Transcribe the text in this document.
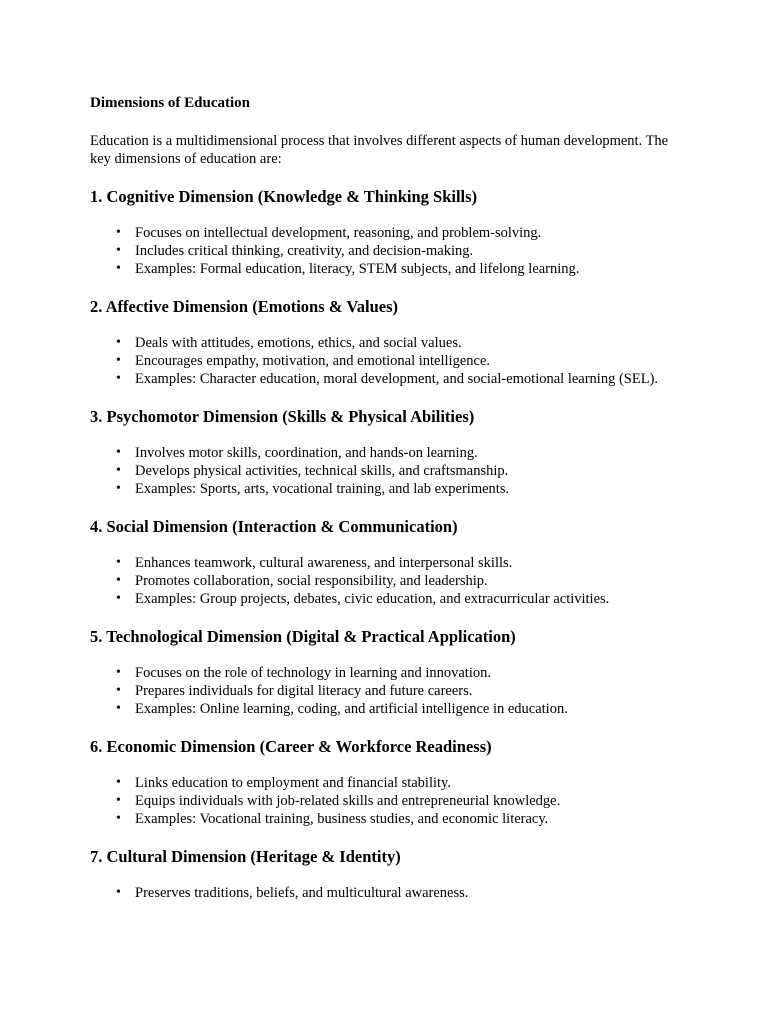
Dimensions of Education

Education is a multidimensional process that involves different aspects of human development. The key dimensions of education are:

1. Cognitive Dimension (Knowledge & Thinking Skills)
• Focuses on intellectual development, reasoning, and problem-solving.
• Includes critical thinking, creativity, and decision-making.
• Examples: Formal education, literacy, STEM subjects, and lifelong learning.
2. Affective Dimension (Emotions & Values)
• Deals with attitudes, emotions, ethics, and social values.
• Encourages empathy, motivation, and emotional intelligence.
• Examples: Character education, moral development, and social-emotional learning (SEL).
3. Psychomotor Dimension (Skills & Physical Abilities)
• Involves motor skills, coordination, and hands-on learning.
• Develops physical activities, technical skills, and craftsmanship.
• Examples: Sports, arts, vocational training, and lab experiments.
4. Social Dimension (Interaction & Communication)
• Enhances teamwork, cultural awareness, and interpersonal skills.
• Promotes collaboration, social responsibility, and leadership.
• Examples: Group projects, debates, civic education, and extracurricular activities.
5. Technological Dimension (Digital & Practical Application)
• Focuses on the role of technology in learning and innovation.
• Prepares individuals for digital literacy and future careers.
• Examples: Online learning, coding, and artificial intelligence in education.
6. Economic Dimension (Career & Workforce Readiness)
• Links education to employment and financial stability.
• Equips individuals with job-related skills and entrepreneurial knowledge.
• Examples: Vocational training, business studies, and economic literacy.
7. Cultural Dimension (Heritage & Identity)
• Preserves traditions, beliefs, and multicultural awareness.
